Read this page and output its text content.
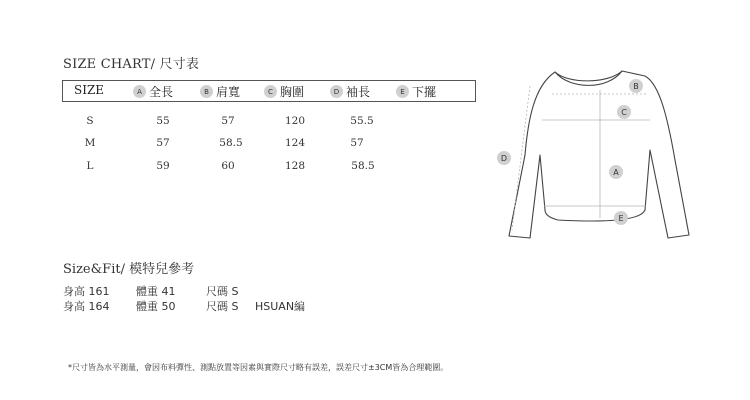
SIZE CHART/ 尺寸表
SIZE	A 全長	B 肩寬	C 胸圍	D 袖長	E 下擺
S	55	57	120	55.5
M	57	58.5	124	57
L	59	60	128	58.5
B
C
D
A
E
Size&Fit/ 模特兒參考
身高 161 體重 41	尺碼 S
身高 164 體重 50	尺碼 S HSUAN編
*尺寸皆為水平測量，會因布料彈性、測點放置等因素與實際尺寸略有誤差，誤差尺寸±3CM皆為合理範圍。
